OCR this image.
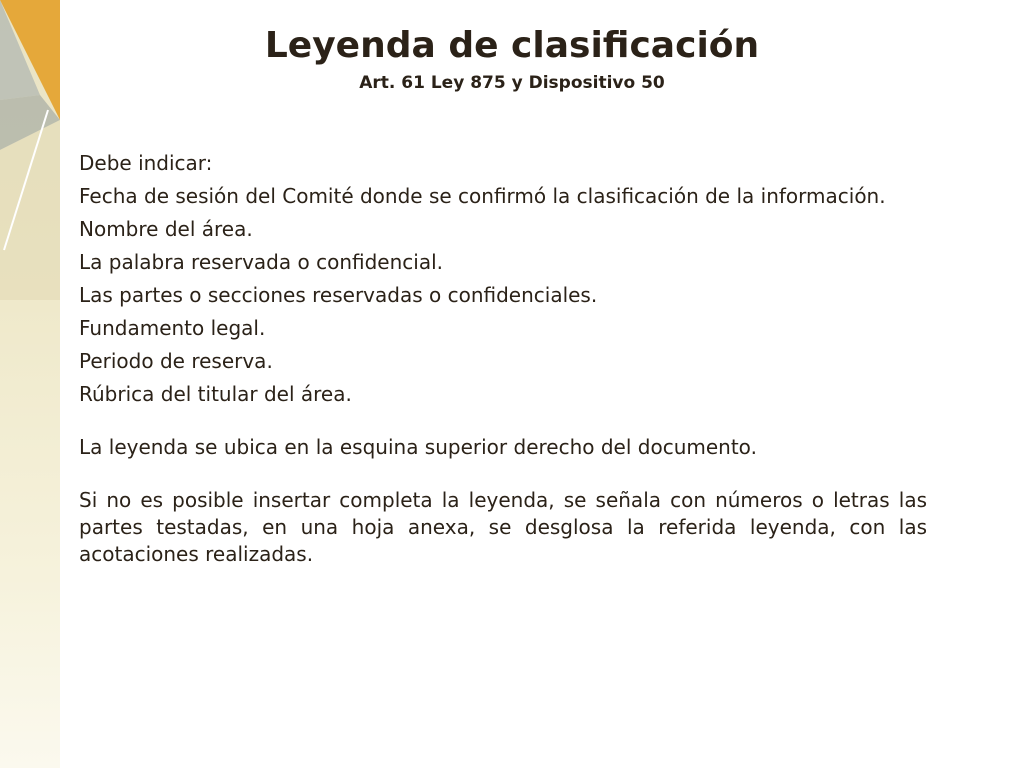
Leyenda de clasificación
Art. 61 Ley 875 y Dispositivo 50

Debe indicar:

Fecha de sesión del Comité donde se confirmó la clasificación de la información.

Nombre del área.

La palabra reservada o confidencial.

Las partes o secciones reservadas o confidenciales.

Fundamento legal.

Periodo de reserva.

Rúbrica del titular del área.

La leyenda se ubica en la esquina superior derecho del documento.

Si no es posible insertar completa la leyenda, se señala con números o letras las partes testadas, en una hoja anexa, se desglosa la referida leyenda, con las acotaciones realizadas.
